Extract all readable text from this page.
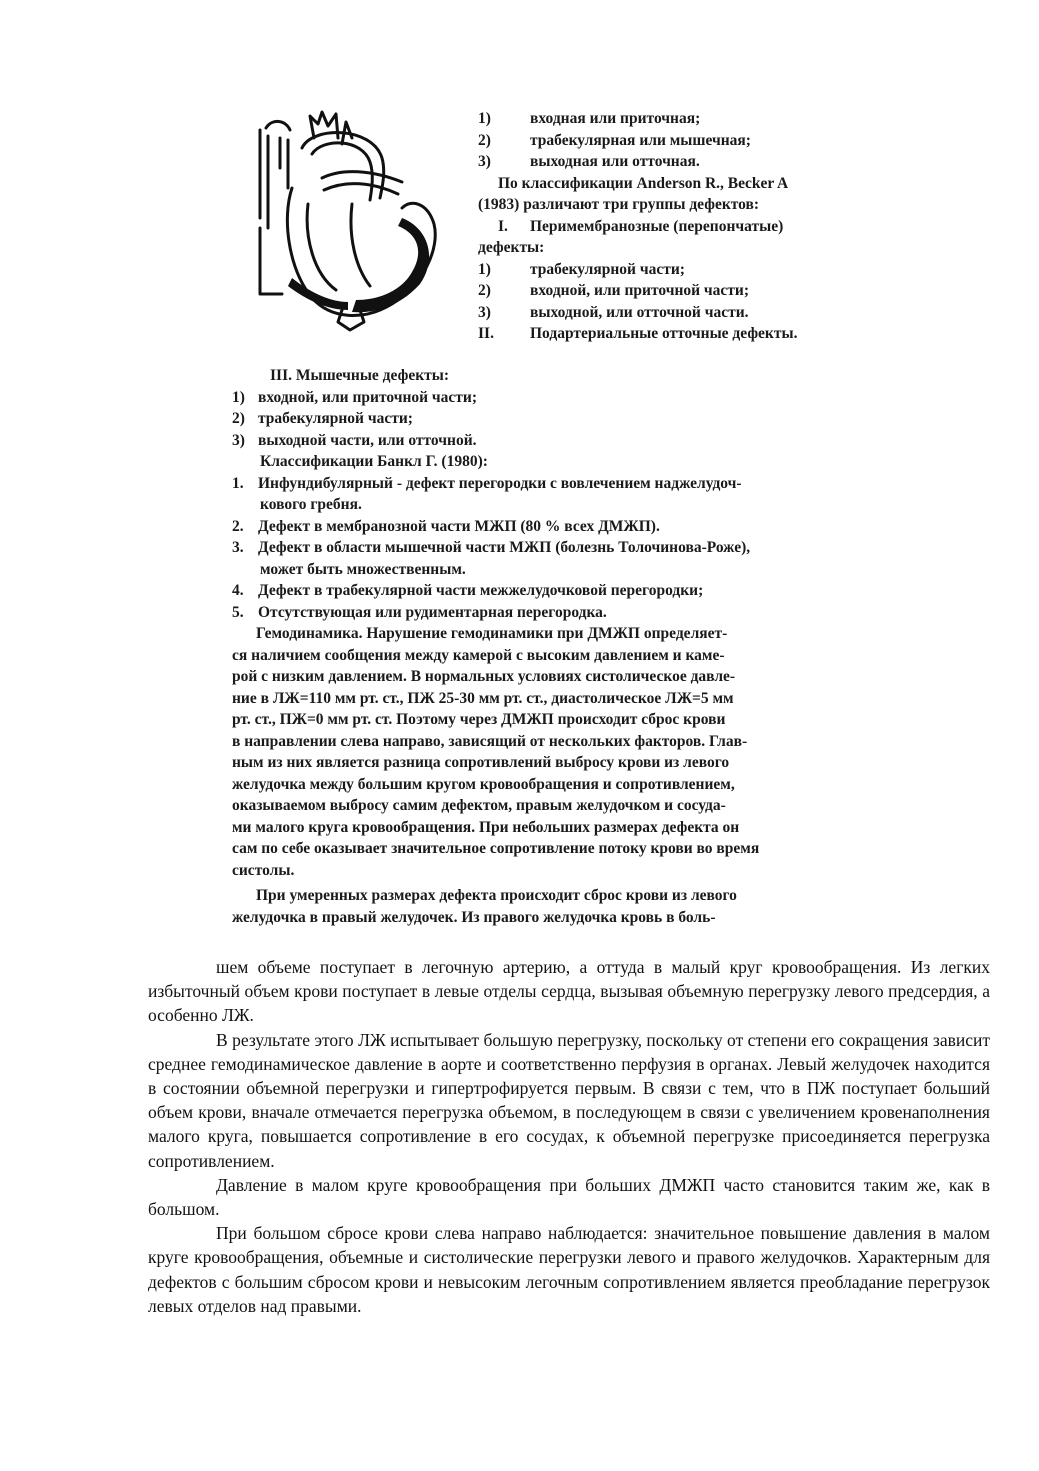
1)	входная или приточная;
2)	трабекулярная или мышечная;
3)	выходная или отточная.
По классификации Anderson R., Becker A (1983) различают три группы дефектов:
I. Перимембранозные (перепончатые) дефекты:
1)	трабекулярной части;
2)	входной, или приточной части;
3)	выходной, или отточной части.
II. Подартериальные отточные дефекты.
III. Мышечные дефекты:
1) входной, или приточной части;
2) трабекулярной части;
3) выходной части, или отточной.
Классификации Банкл Г. (1980):
1. Инфундибулярный - дефект перегородки с вовлечением наджелудоч-
кового гребня.
2. Дефект в мембранозной части МЖП (80 % всех ДМЖП).
3. Дефект в области мышечной части МЖП (болезнь Толочинова-Роже),
может быть множественным.
4. Дефект в трабекулярной части межжелудочковой перегородки;
5. Отсутствующая или рудиментарная перегородка.
Гемодинамика. Нарушение гемодинамики при ДМЖП определяет-
ся наличием сообщения между камерой с высоким давлением и каме-
рой с низким давлением. В нормальных условиях систолическое давле-
ние в ЛЖ=110 мм рт. ст., ПЖ 25-30 мм рт. ст., диастолическое ЛЖ=5 мм
рт. ст., ПЖ=0 мм рт. ст. Поэтому через ДМЖП происходит сброс крови
в направлении слева направо, зависящий от нескольких факторов. Глав-
ным из них является разница сопротивлений выбросу крови из левого
желудочка между большим кругом кровообращения и сопротивлением,
оказываемом выбросу самим дефектом, правым желудочком и сосуда-
ми малого круга кровообращения. При небольших размерах дефекта он
сам по себе оказывает значительное сопротивление потоку крови во время
систолы.
При умеренных размерах дефекта происходит сброс крови из левого
желудочка в правый желудочек. Из правого желудочка кровь в боль-

шем объеме поступает в легочную артерию, а оттуда в малый круг кровообращения. Из легких избыточный объем крови поступает в левые отделы сердца, вызывая объемную перегрузку левого предсердия, а особенно ЛЖ.

В результате этого ЛЖ испытывает большую перегрузку, поскольку от степени его сокращения зависит среднее гемодинамическое давление в аорте и соответственно перфузия в органах. Левый желудочек находится в состоянии объемной перегрузки и гипертрофируется первым. В связи с тем, что в ПЖ поступает больший объем крови, вначале отмечается перегрузка объемом, в последующем в связи с увеличением кровенаполнения малого круга, повышается сопротивление в его сосудах, к объемной перегрузке присоединяется перегрузка сопротивлением.

Давление в малом круге кровообращения при больших ДМЖП часто становится таким же, как в большом.

При большом сбросе крови слева направо наблюдается: значительное повышение давления в малом круге кровообращения, объемные и систолические перегрузки левого и правого желудочков. Характерным для дефектов с большим сбросом крови и невысоким легочным сопротивлением является преобладание перегрузок левых отделов над правыми.
